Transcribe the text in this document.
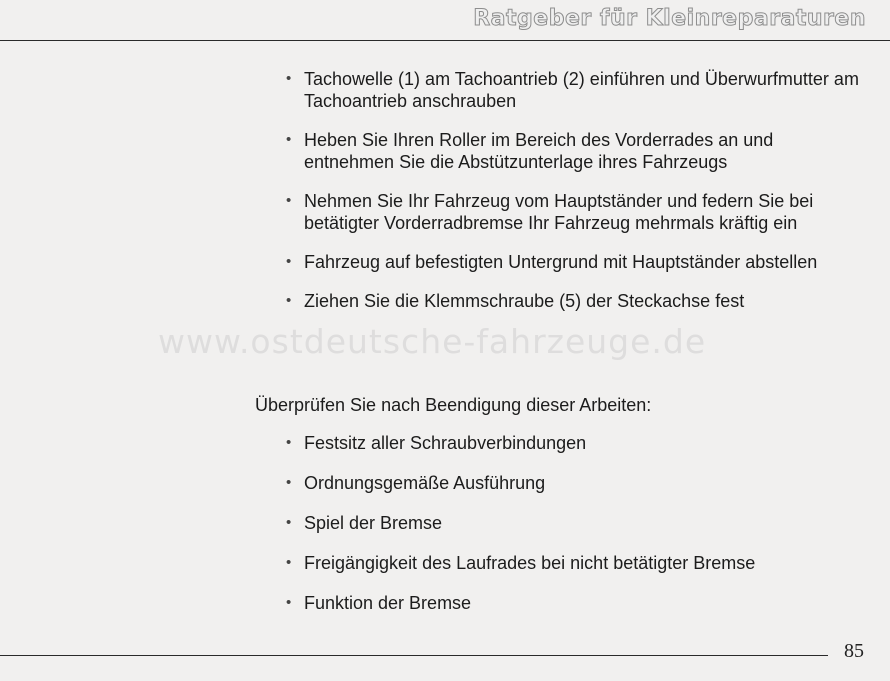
Ratgeber für Kleinreparaturen
www.ostdeutsche-fahrzeuge.de
• Tachowelle (1) am Tachoantrieb (2) einführen und Überwurfmutter am Tachoantrieb anschrauben
• Heben Sie Ihren Roller im Bereich des Vorderrades an und entnehmen Sie die Abstützunterlage ihres Fahrzeugs
• Nehmen Sie Ihr Fahrzeug vom Hauptständer und federn Sie bei betätigter Vorderradbremse Ihr Fahrzeug mehrmals kräftig ein
• Fahrzeug auf befestigten Untergrund mit Hauptständer abstellen
• Ziehen Sie die Klemmschraube (5) der Steckachse fest
Überprüfen Sie nach Beendigung dieser Arbeiten:
• Festsitz aller Schraubverbindungen
• Ordnungsgemäße Ausführung
• Spiel der Bremse
• Freigängigkeit des Laufrades bei nicht betätigter Bremse
• Funktion der Bremse
85
